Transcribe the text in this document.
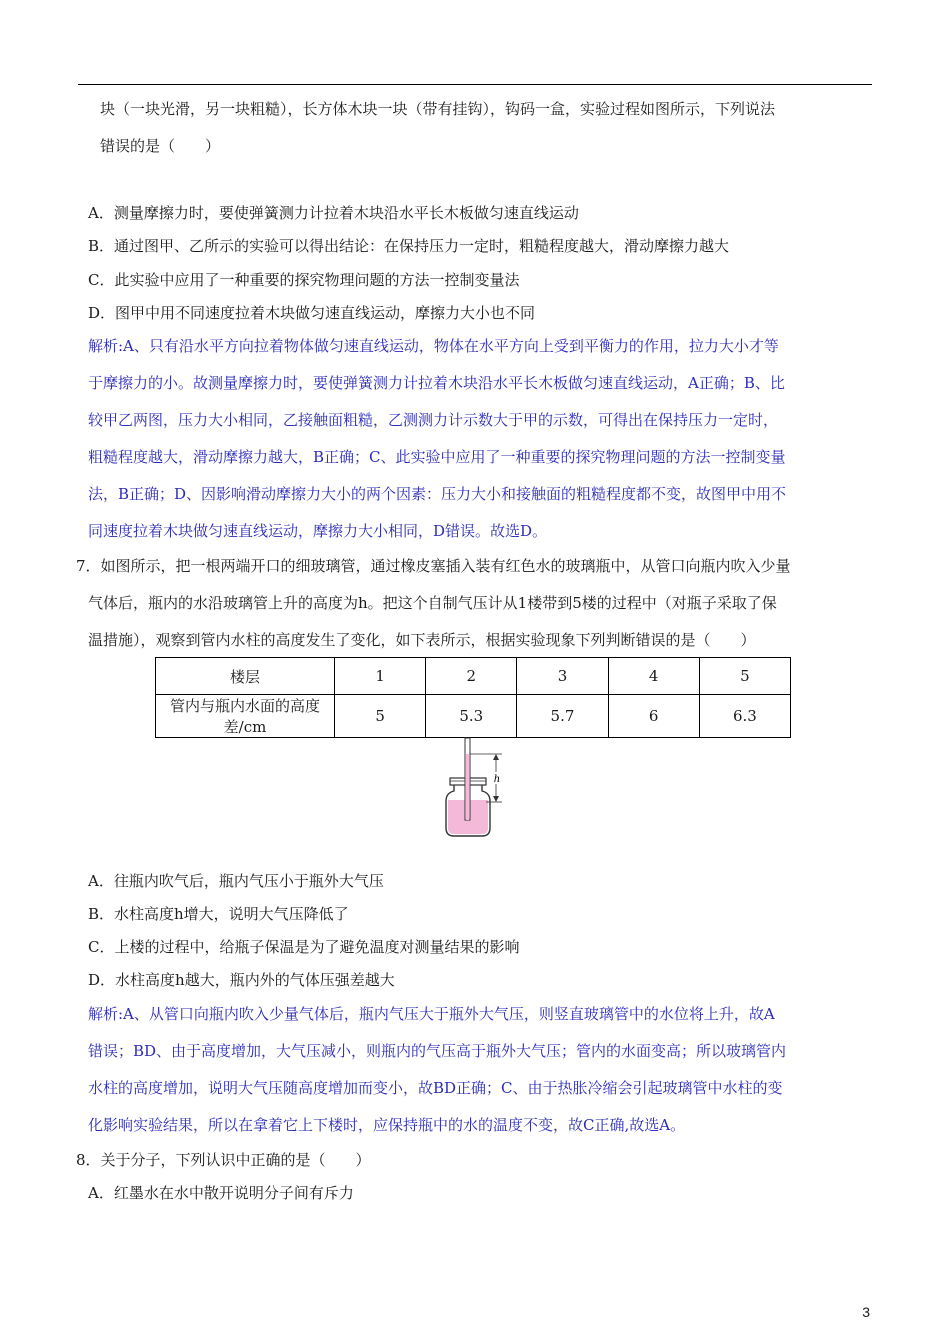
块（一块光滑，另一块粗糙），长方体木块一块（带有挂钩），钩码一盒，实验过程如图所示，下列说法
错误的是（　　）
A．测量摩擦力时，要使弹簧测力计拉着木块沿水平长木板做匀速直线运动
B．通过图甲、乙所示的实验可以得出结论：在保持压力一定时，粗糙程度越大，滑动摩擦力越大
C．此实验中应用了一种重要的探究物理问题的方法一控制变量法
D．图甲中用不同速度拉着木块做匀速直线运动，摩擦力大小也不同
解析:A、只有沿水平方向拉着物体做匀速直线运动，物体在水平方向上受到平衡力的作用，拉力大小才等
于摩擦力的小。故测量摩擦力时，要使弹簧测力计拉着木块沿水平长木板做匀速直线运动，A正确；B、比
较甲乙两图，压力大小相同，乙接触面粗糙，乙测测力计示数大于甲的示数，可得出在保持压力一定时，
粗糙程度越大，滑动摩擦力越大，B正确；C、此实验中应用了一种重要的探究物理问题的方法一控制变量
法，B正确；D、因影响滑动摩擦力大小的两个因素：压力大小和接触面的粗糙程度都不变，故图甲中用不
同速度拉着木块做匀速直线运动，摩擦力大小相同，D错误。故选D。
7．如图所示，把一根两端开口的细玻璃管，通过橡皮塞插入装有红色水的玻璃瓶中，从管口向瓶内吹入少量
气体后，瓶内的水沿玻璃管上升的高度为h。把这个自制气压计从1楼带到5楼的过程中（对瓶子采取了保
温措施），观察到管内水柱的高度发生了变化，如下表所示，根据实验现象下列判断错误的是（　　）
楼层	1	2	3	4	5
管内与瓶内水面的高度差/cm	5	5.3	5.7	6	6.3
h
A．往瓶内吹气后，瓶内气压小于瓶外大气压
B．水柱高度h增大，说明大气压降低了
C．上楼的过程中，给瓶子保温是为了避免温度对测量结果的影响
D．水柱高度h越大，瓶内外的气体压强差越大
解析:A、从管口向瓶内吹入少量气体后，瓶内气压大于瓶外大气压，则竖直玻璃管中的水位将上升，故A
错误；BD、由于高度增加，大气压减小，则瓶内的气压高于瓶外大气压；管内的水面变高；所以玻璃管内
水柱的高度增加，说明大气压随高度增加而变小，故BD正确；C、由于热胀冷缩会引起玻璃管中水柱的变
化影响实验结果，所以在拿着它上下楼时，应保持瓶中的水的温度不变，故C正确,故选A。
8．关于分子，下列认识中正确的是（　　）
A．红墨水在水中散开说明分子间有斥力
3
